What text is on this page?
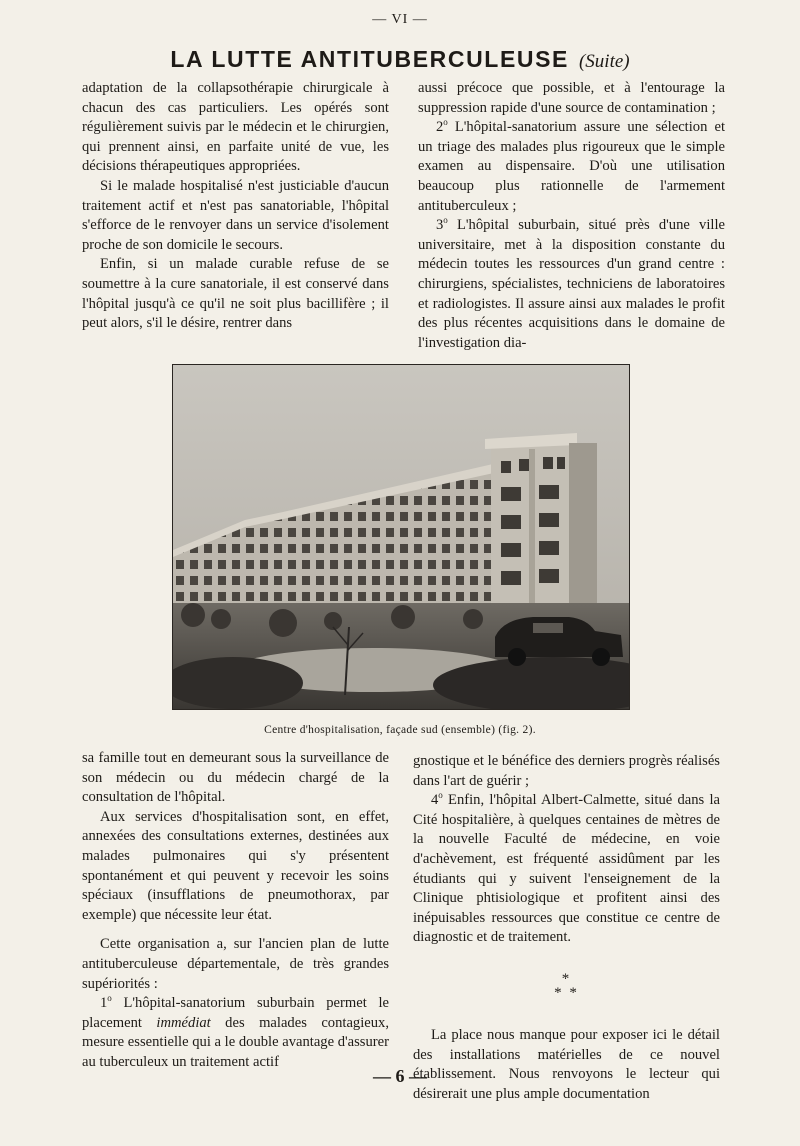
— VI —
LA LUTTE ANTITUBERCULEUSE (Suite)

adaptation de la collapsothérapie chirurgicale à chacun des cas particuliers. Les opérés sont régulièrement suivis par le médecin et le chirurgien, qui prennent ainsi, en parfaite unité de vue, les décisions thérapeutiques appropriées.

Si le malade hospitalisé n'est justiciable d'aucun traitement actif et n'est pas sanatoriable, l'hôpital s'efforce de le renvoyer dans un service d'isolement proche de son domicile le secours.

Enfin, si un malade curable refuse de se soumettre à la cure sanatoriale, il est conservé dans l'hôpital jusqu'à ce qu'il ne soit plus bacillifère ; il peut alors, s'il le désire, rentrer dans

aussi précoce que possible, et à l'entourage la suppression rapide d'une source de contamination ;

2$^o$ L'hôpital-sanatorium assure une sélection et un triage des malades plus rigoureux que le simple examen au dispensaire. D'où une utilisation beaucoup plus rationnelle de l'armement antituberculeux ;

3$^o$ L'hôpital suburbain, situé près d'une ville universitaire, met à la disposition constante du médecin toutes les ressources d'un grand centre : chirurgiens, spécialistes, techniciens de laboratoires et radiologistes. Il assure ainsi aux malades le profit des plus récentes acquisitions dans le domaine de l'investigation dia-

Centre d'hospitalisation, façade sud (ensemble) (fig. 2).

sa famille tout en demeurant sous la surveillance de son médecin ou du médecin chargé de la consultation de l'hôpital.

Aux services d'hospitalisation sont, en effet, annexées des consultations externes, destinées aux malades pulmonaires qui s'y présentent spontanément et qui peuvent y recevoir les soins spéciaux (insufflations de pneumothorax, par exemple) que nécessite leur état.

Cette organisation a, sur l'ancien plan de lutte antituberculeuse départementale, de très grandes supériorités :

1$^o$ L'hôpital-sanatorium suburbain permet le placement immédiat des malades contagieux, mesure essentielle qui a le double avantage d'assurer au tuberculeux un traitement actif

gnostique et le bénéfice des derniers progrès réalisés dans l'art de guérir ;

4$^o$ Enfin, l'hôpital Albert-Calmette, situé dans la Cité hospitalière, à quelques centaines de mètres de la nouvelle Faculté de médecine, en voie d'achèvement, est fréquenté assidûment par les étudiants qui y suivent l'enseignement de la Clinique phtisiologique et profitent ainsi des inépuisables ressources que constitue ce centre de diagnostic et de traitement.

*
* *

La place nous manque pour exposer ici le détail des installations matérielles de ce nouvel établissement. Nous renvoyons le lecteur qui désirerait une plus ample documentation

— 6 —
